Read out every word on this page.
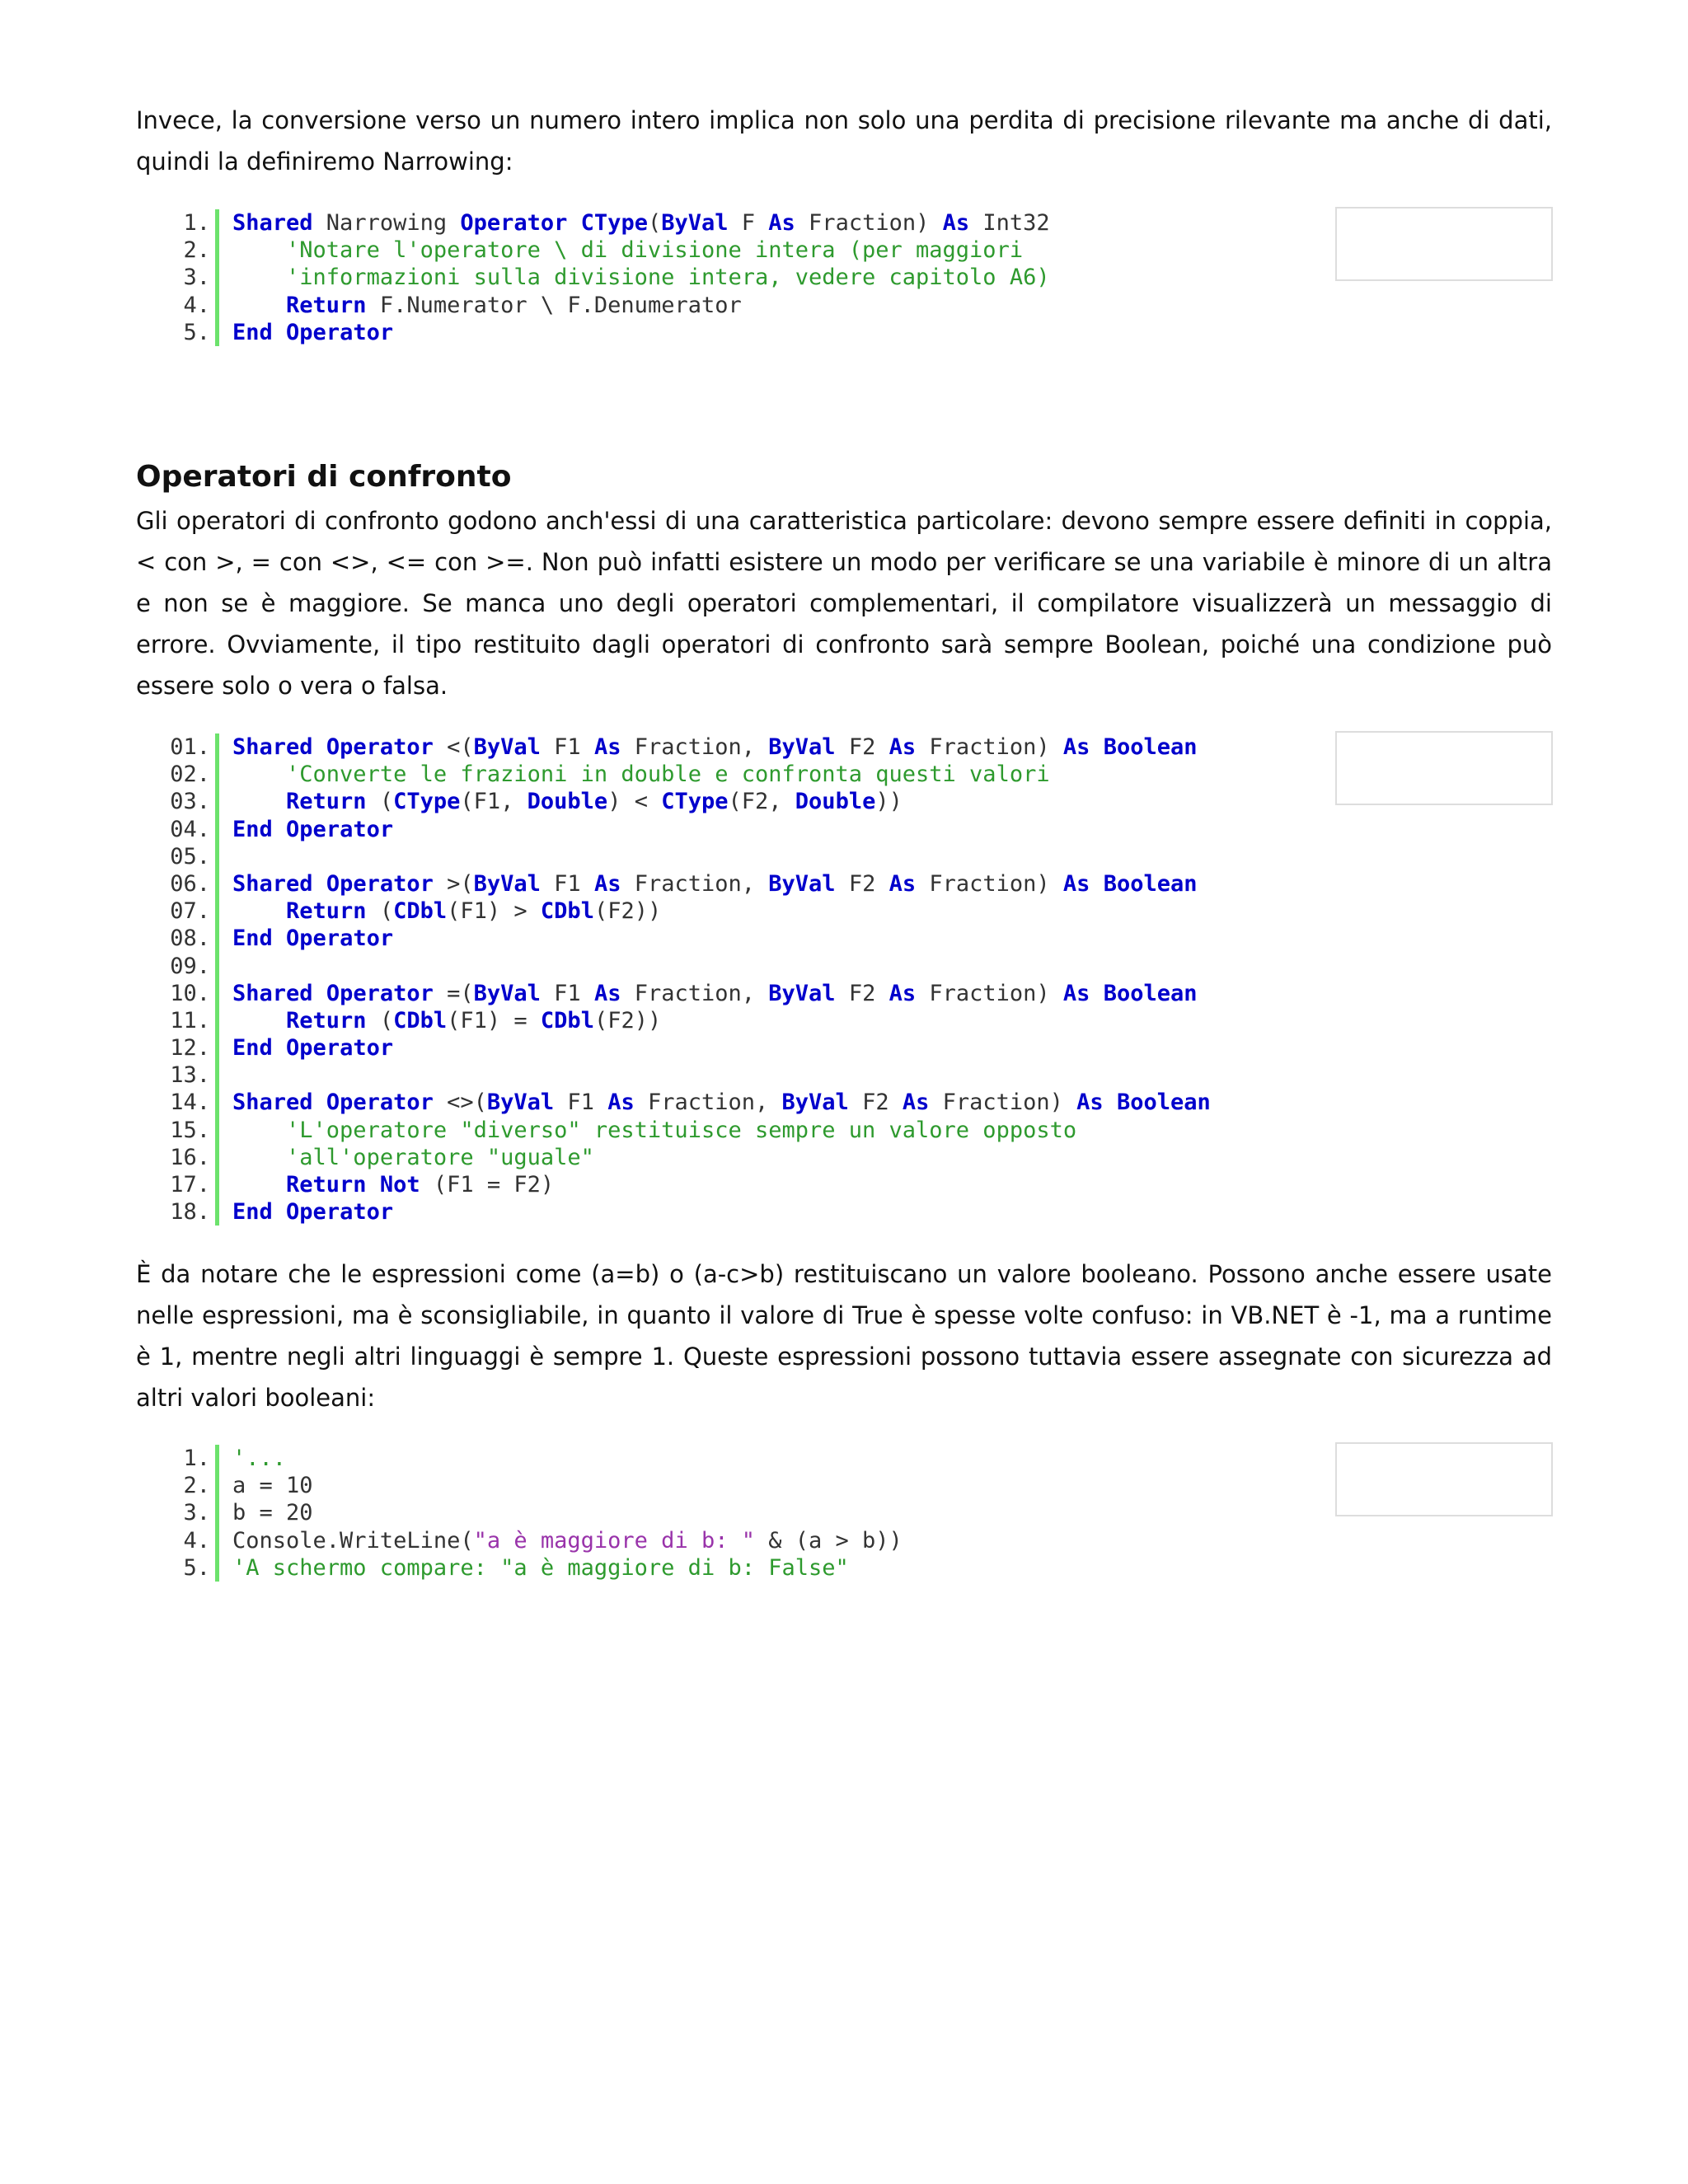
Invece, la conversione verso un numero intero implica non solo una perdita di precisione rilevante ma anche di dati, quindi la definiremo Narrowing:

1. Shared Narrowing Operator CType(ByVal F As Fraction) As Int32
2.	'Notare l'operatore \ di divisione intera (per maggiori
3.	'informazioni sulla divisione intera, vedere capitolo A6)
4.	Return F.Numerator \ F.Denumerator
5. End Operator
Operatori di confronto

Gli operatori di confronto godono anch'essi di una caratteristica particolare: devono sempre essere definiti in coppia, < con >, = con <>, <= con >=. Non può infatti esistere un modo per verificare se una variabile è minore di un altra e non se è maggiore. Se manca uno degli operatori complementari, il compilatore visualizzerà un messaggio di errore. Ovviamente, il tipo restituito dagli operatori di confronto sarà sempre Boolean, poiché una condizione può essere solo o vera o falsa.

01. Shared Operator <(ByVal F1 As Fraction, ByVal F2 As Fraction) As Boolean
02.	'Converte le frazioni in double e confronta questi valori
03.	Return (CType(F1, Double) < CType(F2, Double))
04. End Operator
05.
06. Shared Operator >(ByVal F1 As Fraction, ByVal F2 As Fraction) As Boolean
07.	Return (CDbl(F1) > CDbl(F2))
08. End Operator
09.
10. Shared Operator =(ByVal F1 As Fraction, ByVal F2 As Fraction) As Boolean
11.	Return (CDbl(F1) = CDbl(F2))
12. End Operator
13.
14. Shared Operator <>(ByVal F1 As Fraction, ByVal F2 As Fraction) As Boolean
15.	'L'operatore "diverso" restituisce sempre un valore opposto
16.	'all'operatore "uguale"
17.	Return Not (F1 = F2)
18. End Operator

È da notare che le espressioni come (a=b) o (a-c>b) restituiscano un valore booleano. Possono anche essere usate nelle espressioni, ma è sconsigliabile, in quanto il valore di True è spesse volte confuso: in VB.NET è -1, ma a runtime è 1, mentre negli altri linguaggi è sempre 1. Queste espressioni possono tuttavia essere assegnate con sicurezza ad altri valori booleani:

1. '...
2. a = 10
3. b = 20
4. Console.WriteLine("a è maggiore di b: " & (a > b))
5. 'A schermo compare: "a è maggiore di b: False"
